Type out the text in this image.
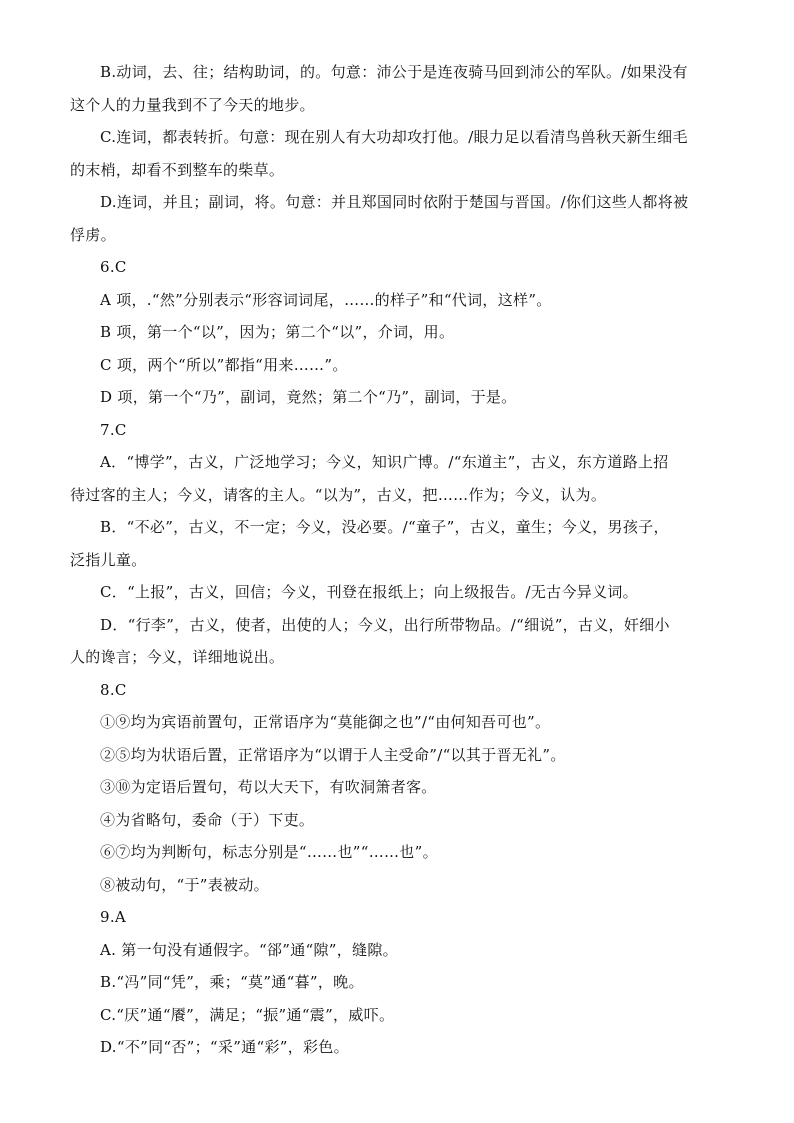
B.动词，去、往；结构助词，的。句意：沛公于是连夜骑马回到沛公的军队。/如果没有
这个人的力量我到不了今天的地步。
C.连词，都表转折。句意：现在别人有大功却攻打他。/眼力足以看清鸟兽秋天新生细毛
的末梢，却看不到整车的柴草。
D.连词，并且；副词，将。句意：并且郑国同时依附于楚国与晋国。/你们这些人都将被
俘虏。
6.C
A 项，.“然”分别表示“形容词词尾，……的样子”和“代词，这样”。
B 项，第一个“以”，因为；第二个“以”，介词，用。
C 项，两个“所以”都指“用来……”。
D 项，第一个“乃”，副词，竟然；第二个“乃”，副词，于是。
7.C
A．“博学”，古义，广泛地学习；今义，知识广博。/“东道主”，古义，东方道路上招
待过客的主人；今义，请客的主人。“以为”，古义，把……作为；今义，认为。
B．“不必”，古义，不一定；今义，没必要。/“童子”，古义，童生；今义，男孩子，
泛指儿童。
C．“上报”，古义，回信；今义，刊登在报纸上；向上级报告。/无古今异义词。
D．“行李”，古义，使者，出使的人；今义，出行所带物品。/“细说”，古义，奸细小
人的谗言；今义，详细地说出。
8.C
①⑨均为宾语前置句，正常语序为“莫能御之也”/“由何知吾可也”。
②⑤均为状语后置，正常语序为“以谓于人主受命”/“以其于晋无礼”。
③⑩为定语后置句，苟以大天下，有吹洞箫者客。
④为省略句，委命（于）下吏。
⑥⑦均为判断句，标志分别是“……也”“……也”。
⑧被动句，“于”表被动。
9.A
A. 第一句没有通假字。“郤”通“隙”，缝隙。
B.“冯”同“凭”，乘；“莫”通“暮”，晚。
C.“厌”通“餍”，满足；“振”通“震”，威吓。
D.“不”同“否”；“采”通“彩”，彩色。
